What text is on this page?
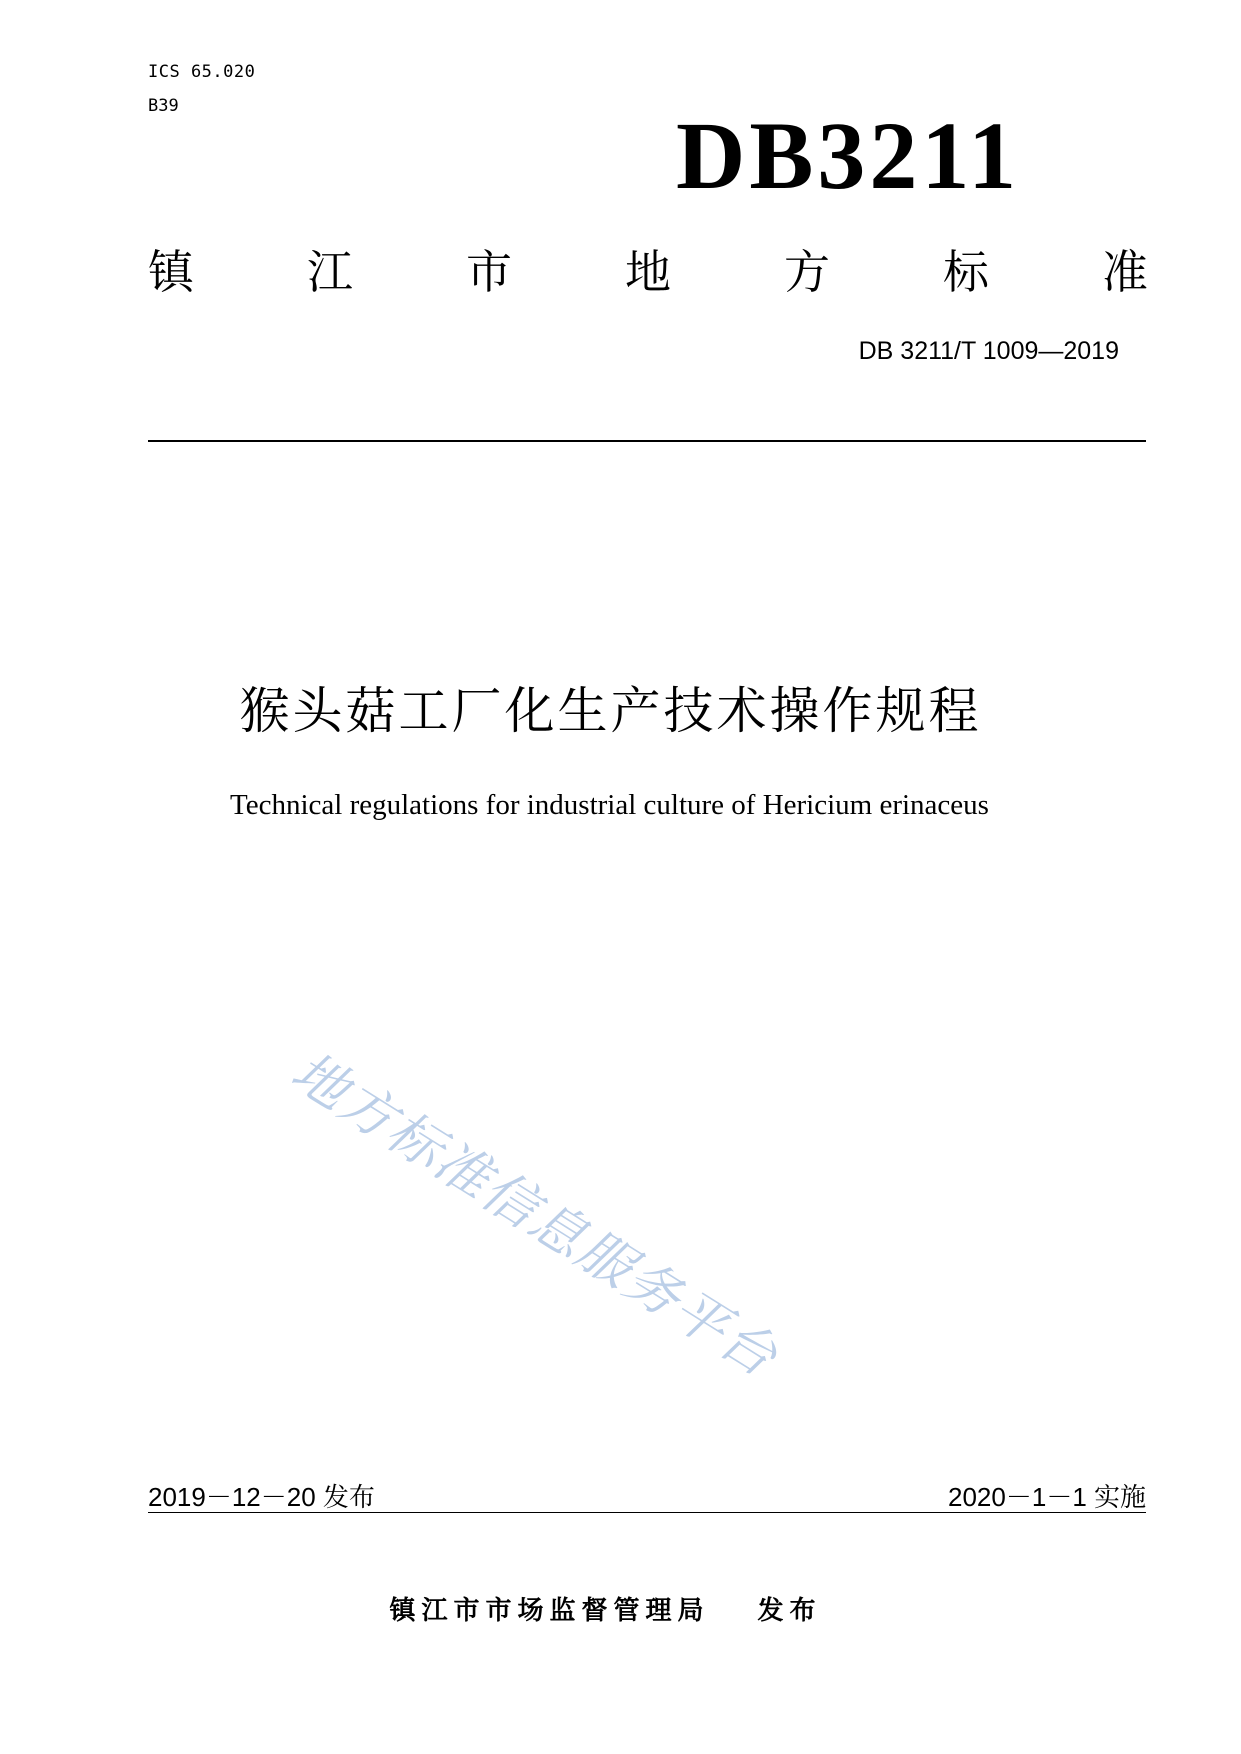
ICS 65.020
B39	DB3211
镇 江 市 地 方 标 准
DB 3211/T 1009—2019
猴头菇工厂化生产技术操作规程
Technical regulations for industrial culture of Hericium erinaceus
地方标准信息服务平台
2019－12－20 发布	2020－1－1 实施
镇江市市场监督管理局 发布
